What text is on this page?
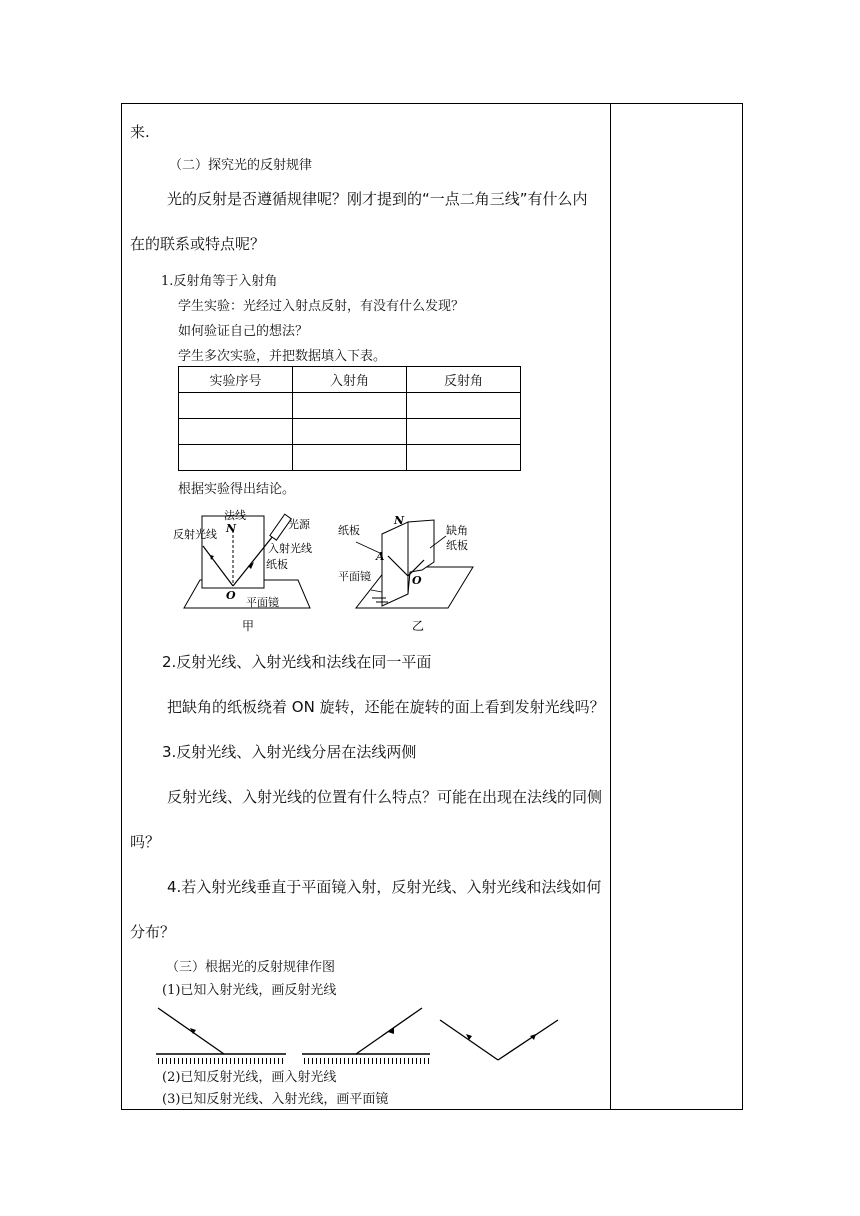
来.
（二）探究光的反射规律
光的反射是否遵循规律呢？刚才提到的“一点二角三线”有什么内
在的联系或特点呢？
1.反射角等于入射角
学生实验：光经过入射点反射，有没有什么发现？
如何验证自己的想法？
学生多次实验，并把数据填入下表。
实验序号	入射角	反射角

根据实验得出结论。
法线
N	光源
反射光线
入射光线
纸板
O
平面镜
甲
纸板
N
缺角
纸板
A
平面镜	O
乙
2.反射光线、入射光线和法线在同一平面
把缺角的纸板绕着 ON 旋转，还能在旋转的面上看到发射光线吗？
3.反射光线、入射光线分居在法线两侧
反射光线、入射光线的位置有什么特点？可能在出现在法线的同侧
吗？
4.若入射光线垂直于平面镜入射，反射光线、入射光线和法线如何
分布？
（三）根据光的反射规律作图
(1)已知入射光线，画反射光线
(2)已知反射光线，画入射光线
(3)已知反射光线、入射光线，画平面镜
